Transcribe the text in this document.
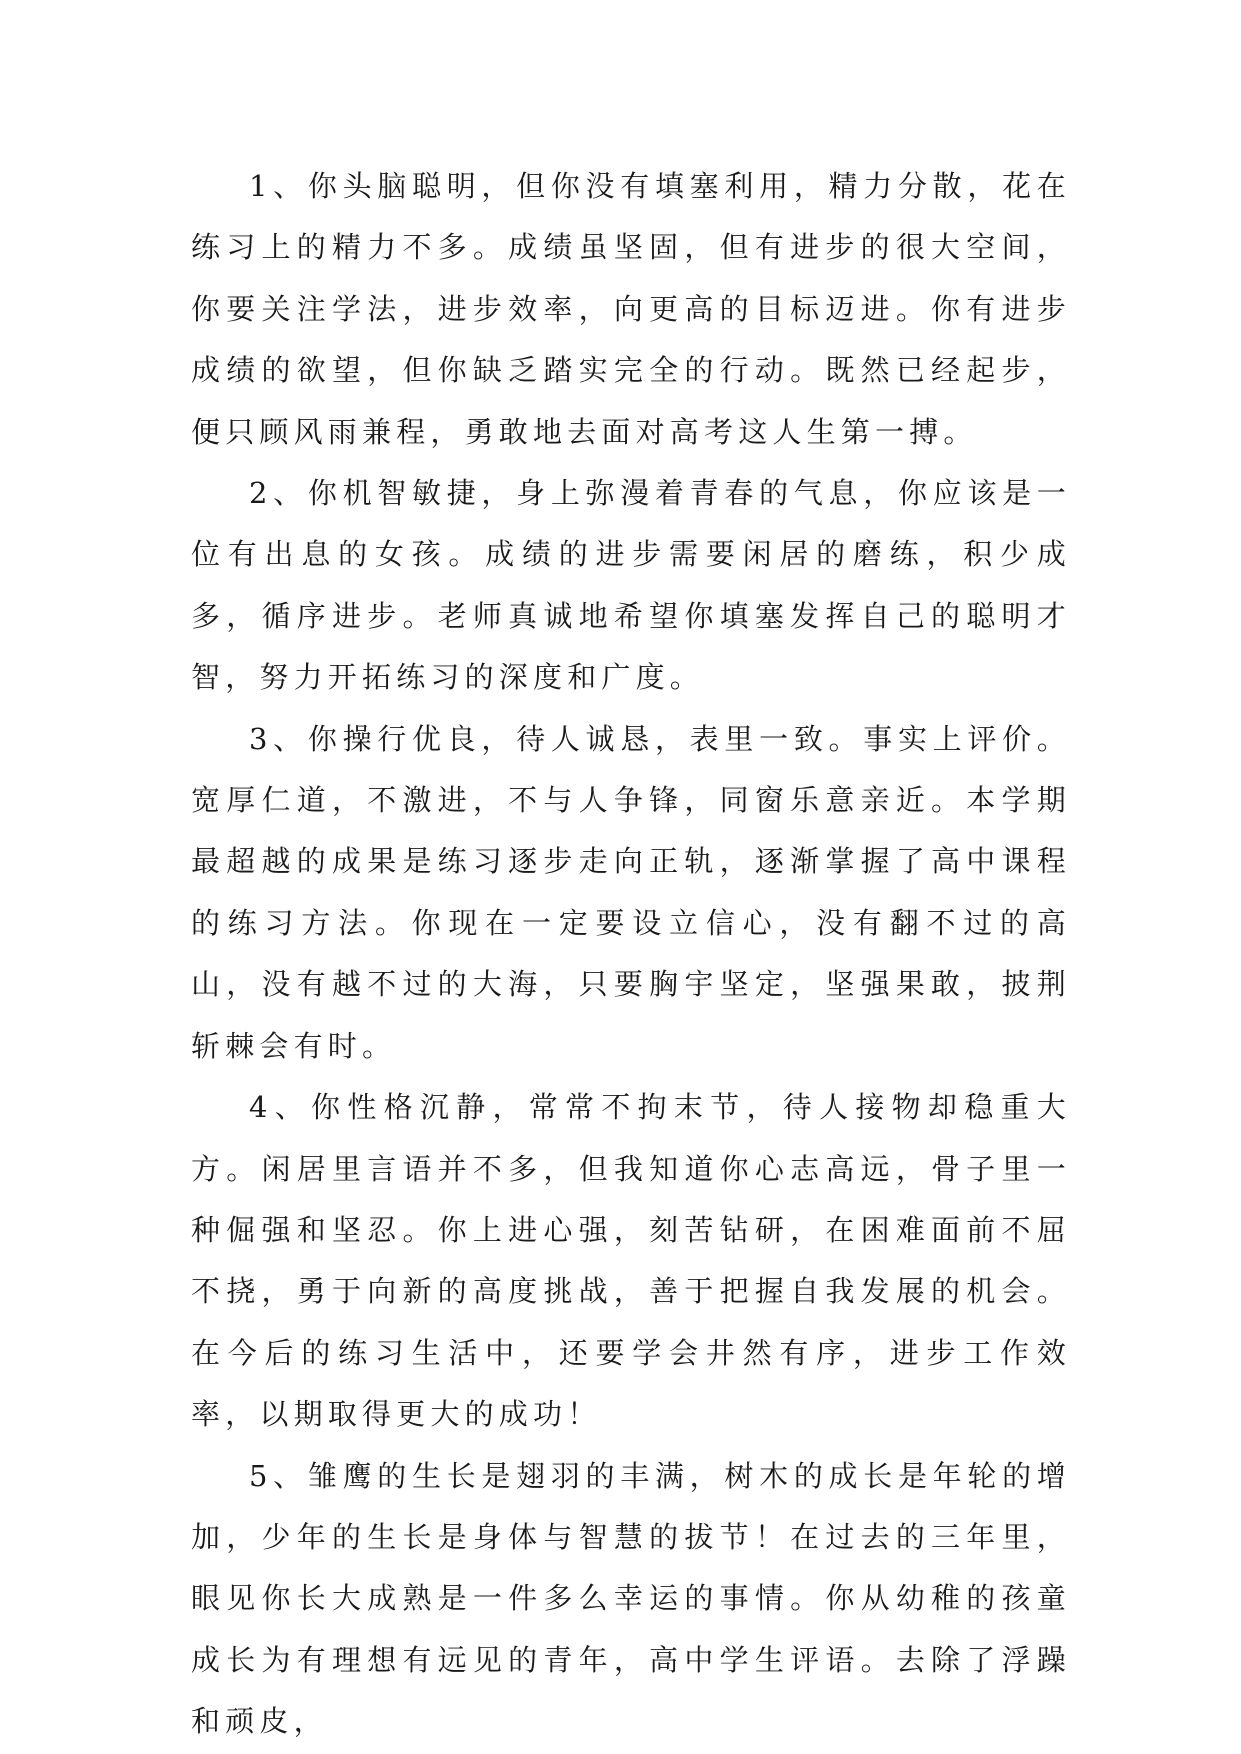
1、你头脑聪明，但你没有填塞利用，精力分散，花在练习上的精力不多。成绩虽坚固，但有进步的很大空间，你要关注学法，进步效率，向更高的目标迈进。你有进步成绩的欲望，但你缺乏踏实完全的行动。既然已经起步，便只顾风雨兼程，勇敢地去面对高考这人生第一搏。

2、你机智敏捷，身上弥漫着青春的气息，你应该是一位有出息的女孩。成绩的进步需要闲居的磨练，积少成多，循序进步。老师真诚地希望你填塞发挥自己的聪明才智，努力开拓练习的深度和广度。

3、你操行优良，待人诚恳，表里一致。事实上评价。宽厚仁道，不激进，不与人争锋，同窗乐意亲近。本学期最超越的成果是练习逐步走向正轨，逐渐掌握了高中课程的练习方法。你现在一定要设立信心，没有翻不过的高山，没有越不过的大海，只要胸宇坚定，坚强果敢，披荆斩棘会有时。

4、你性格沉静，常常不拘末节，待人接物却稳重大方。闲居里言语并不多，但我知道你心志高远，骨子里一种倔强和坚忍。你上进心强，刻苦钻研，在困难面前不屈不挠，勇于向新的高度挑战，善于把握自我发展的机会。在今后的练习生活中，还要学会井然有序，进步工作效率，以期取得更大的成功！

5、雏鹰的生长是翅羽的丰满，树木的成长是年轮的增加，少年的生长是身体与智慧的拔节！在过去的三年里，眼见你长大成熟是一件多么幸运的事情。你从幼稚的孩童成长为有理想有远见的青年，高中学生评语。去除了浮躁和顽皮，
